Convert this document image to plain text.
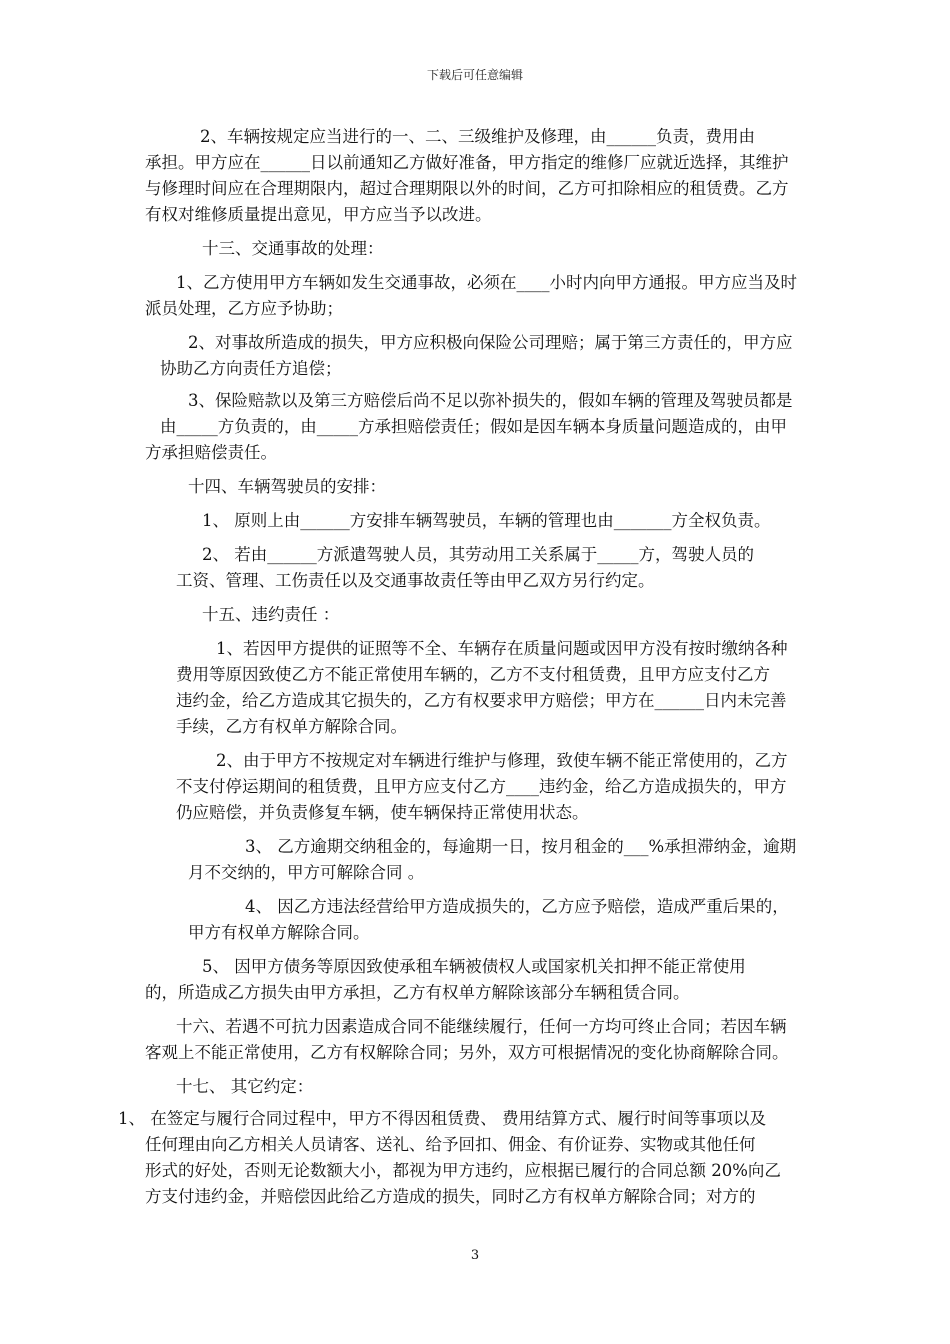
下载后可任意编辑
2、车辆按规定应当进行的一、二、三级维护及修理，由______负责，费用由
承担。甲方应在______日以前通知乙方做好准备，甲方指定的维修厂应就近选择，其维护
与修理时间应在合理期限内，超过合理期限以外的时间，乙方可扣除相应的租赁费。乙方
有权对维修质量提出意见，甲方应当予以改进。
十三、交通事故的处理：
1、乙方使用甲方车辆如发生交通事故，必须在____小时内向甲方通报。甲方应当及时
派员处理，乙方应予协助；
2、对事故所造成的损失，甲方应积极向保险公司理赔；属于第三方责任的，甲方应
协助乙方向责任方追偿；
3、保险赔款以及第三方赔偿后尚不足以弥补损失的，假如车辆的管理及驾驶员都是
由_____方负责的，由_____方承担赔偿责任；假如是因车辆本身质量问题造成的，由甲
方承担赔偿责任。
十四、车辆驾驶员的安排：
1、 原则上由______方安排车辆驾驶员，车辆的管理也由_______方全权负责。
2、 若由______方派遣驾驶人员，其劳动用工关系属于_____方，驾驶人员的
工资、管理、工伤责任以及交通事故责任等由甲乙双方另行约定。
十五、违约责任 ：
1、若因甲方提供的证照等不全、车辆存在质量问题或因甲方没有按时缴纳各种
费用等原因致使乙方不能正常使用车辆的，乙方不支付租赁费，且甲方应支付乙方
违约金，给乙方造成其它损失的，乙方有权要求甲方赔偿；甲方在______日内未完善
手续，乙方有权单方解除合同。
2、由于甲方不按规定对车辆进行维护与修理，致使车辆不能正常使用的，乙方
不支付停运期间的租赁费，且甲方应支付乙方____违约金，给乙方造成损失的，甲方
仍应赔偿，并负责修复车辆，使车辆保持正常使用状态。
3、 乙方逾期交纳租金的，每逾期一日，按月租金的___%承担滞纳金，逾期
月不交纳的，甲方可解除合同 。
4、 因乙方违法经营给甲方造成损失的，乙方应予赔偿，造成严重后果的，
甲方有权单方解除合同。
5、 因甲方债务等原因致使承租车辆被债权人或国家机关扣押不能正常使用
的，所造成乙方损失由甲方承担，乙方有权单方解除该部分车辆租赁合同。
十六、若遇不可抗力因素造成合同不能继续履行，任何一方均可终止合同；若因车辆
客观上不能正常使用，乙方有权解除合同；另外，双方可根据情况的变化协商解除合同。
十七、 其它约定：
1、 在签定与履行合同过程中，甲方不得因租赁费、 费用结算方式、履行时间等事项以及
任何理由向乙方相关人员请客、送礼、给予回扣、佣金、有价证券、实物或其他任何
形式的好处，否则无论数额大小，都视为甲方违约，应根据已履行的合同总额 20%向乙
方支付违约金，并赔偿因此给乙方造成的损失，同时乙方有权单方解除合同；对方的
3
